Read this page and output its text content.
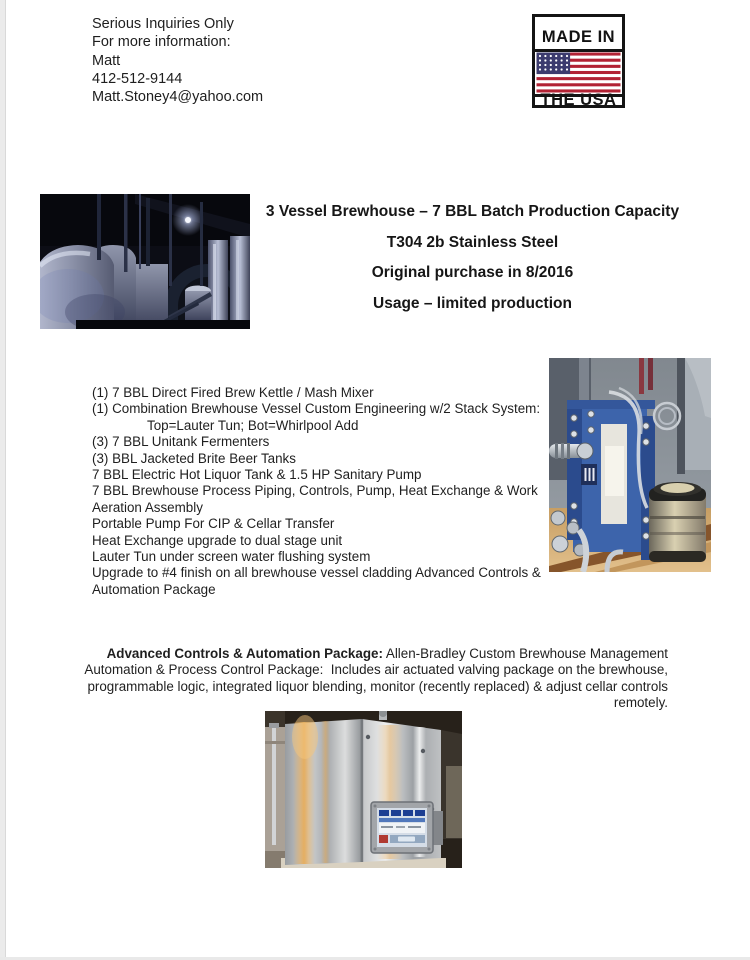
Serious Inquiries Only
For more information:
Matt
412-512-9144
Matt.Stoney4@yahoo.com
MADE IN
THE USA
3 Vessel Brewhouse – 7 BBL Batch Production Capacity
T304 2b Stainless Steel
Original purchase in 8/2016
Usage – limited production
(1) 7 BBL Direct Fired Brew Kettle / Mash Mixer
(1) Combination Brewhouse Vessel Custom Engineering w/2 Stack System:
Top=Lauter Tun; Bot=Whirlpool Add
(3) 7 BBL Unitank Fermenters
(3) BBL Jacketed Brite Beer Tanks
7 BBL Electric Hot Liquor Tank & 1.5 HP Sanitary Pump
7 BBL Brewhouse Process Piping, Controls, Pump, Heat Exchange & Work
Aeration Assembly
Portable Pump For CIP & Cellar Transfer
Heat Exchange upgrade to dual stage unit
Lauter Tun under screen water flushing system
Upgrade to #4 finish on all brewhouse vessel cladding Advanced Controls &
Automation Package
Advanced Controls & Automation Package: Allen-Bradley Custom Brewhouse Management
Automation & Process Control Package:  Includes air actuated valving package on the brewhouse,
programmable logic, integrated liquor blending, monitor (recently replaced) & adjust cellar controls
remotely.
